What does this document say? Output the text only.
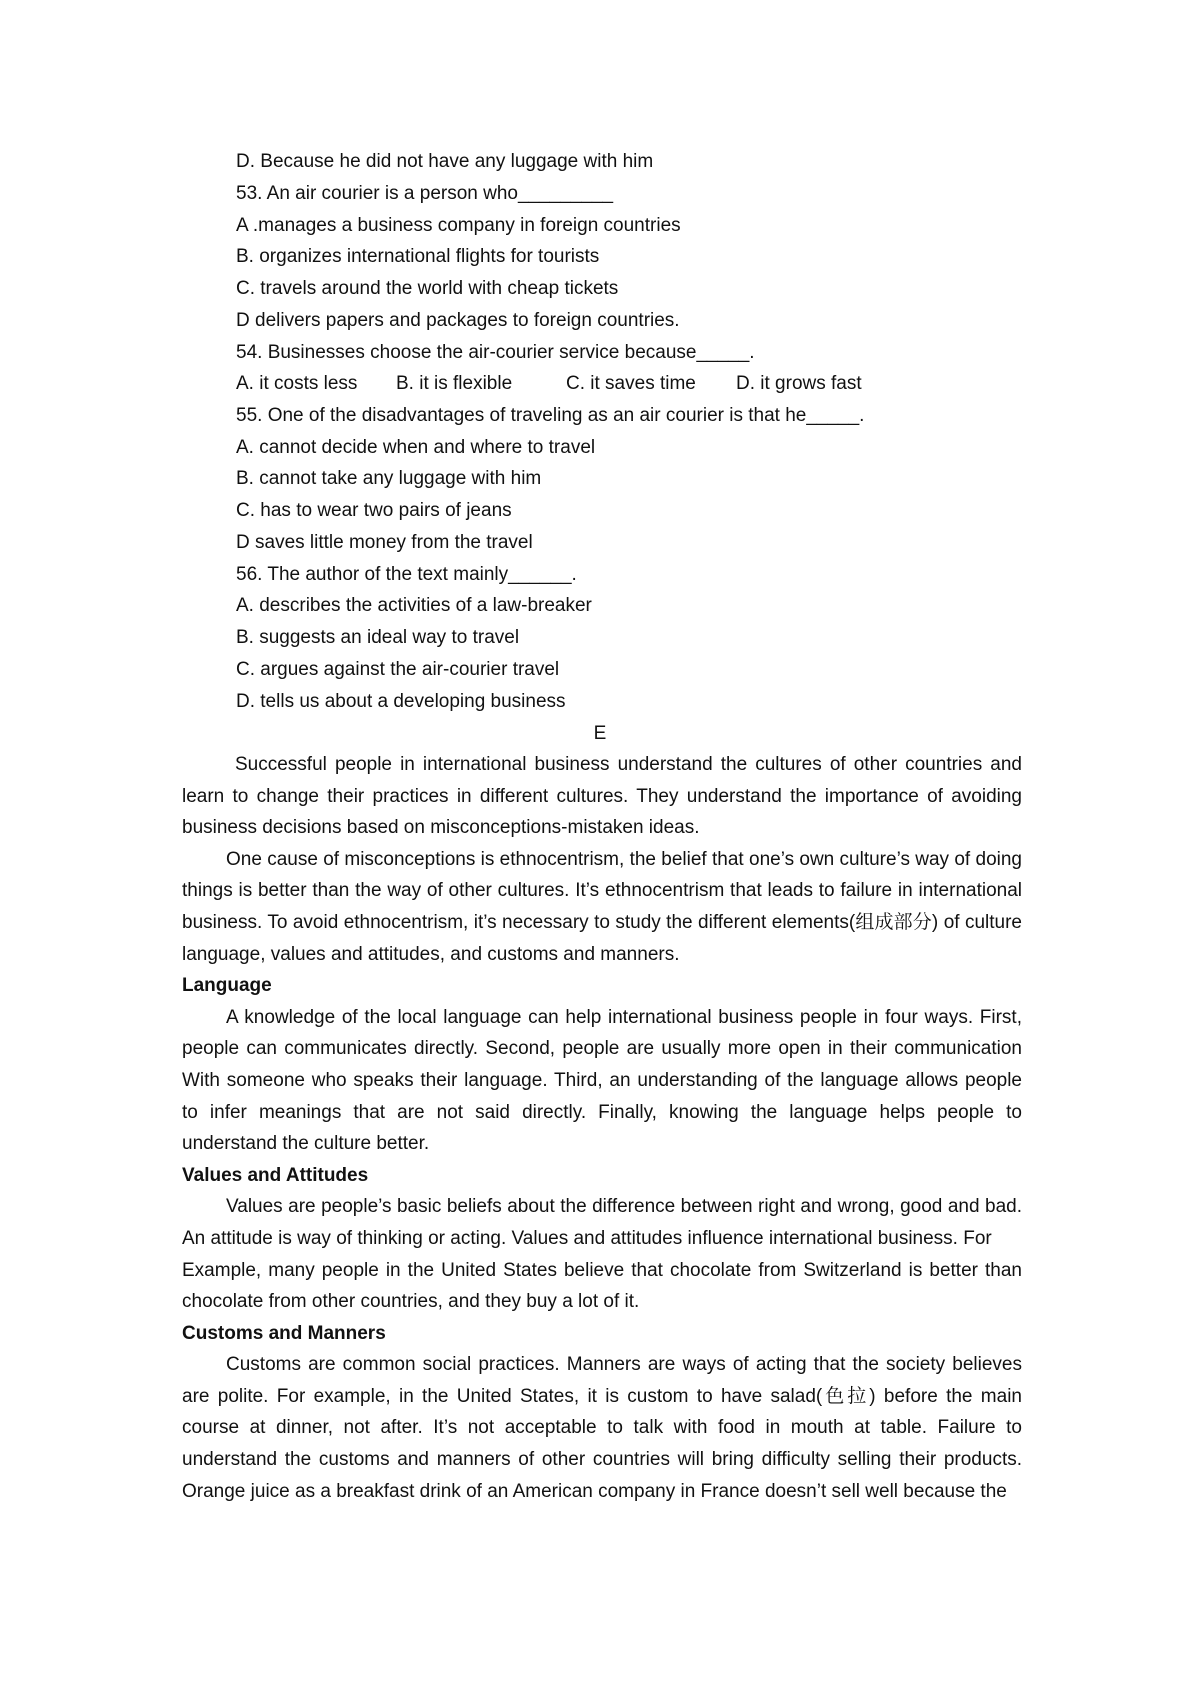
D. Because he did not have any luggage with him
53. An air courier is a person who_________
A .manages a business company in foreign countries
B. organizes international flights for tourists
C. travels around the world with cheap tickets
D delivers papers and packages to foreign countries.
54. Businesses choose the air-courier service because_____.
A. it costs less B. it is flexible	C. it saves time D. it grows fast
55. One of the disadvantages of traveling as an air courier is that he_____.
A. cannot decide when and where to travel
B. cannot take any luggage with him
C. has to wear two pairs of jeans
D saves little money from the travel
56. The author of the text mainly______.
A. describes the activities of a law-breaker
B. suggests an ideal way to travel
C. argues against the air-courier travel
D. tells us about a developing business
E

Successful people in international business understand the cultures of other countries and learn to change their practices in different cultures. They understand the importance of avoiding business decisions based on misconceptions-mistaken ideas.

One cause of misconceptions is ethnocentrism, the belief that one’s own culture’s way of doing things is better than the way of other cultures. It’s ethnocentrism that leads to failure in international business. To avoid ethnocentrism, it’s necessary to study the different elements(组成部分) of culture language, values and attitudes, and customs and manners.

Language

A knowledge of the local language can help international business people in four ways. First, people can communicates directly. Second, people are usually more open in their communication With someone who speaks their language. Third, an understanding of the language allows people to infer meanings that are not said directly. Finally, knowing the language helps people to understand the culture better.

Values and Attitudes

Values are people’s basic beliefs about the difference between right and wrong, good and bad. An attitude is way of thinking or acting. Values and attitudes influence international business. For

Example, many people in the United States believe that chocolate from Switzerland is better than chocolate from other countries, and they buy a lot of it.

Customs and Manners

Customs are common social practices. Manners are ways of acting that the society believes are polite. For example, in the United States, it is custom to have salad(色拉) before the main course at dinner, not after. It’s not acceptable to talk with food in mouth at table. Failure to understand the customs and manners of other countries will bring difficulty selling their products. Orange juice as a breakfast drink of an American company in France doesn’t sell well because the
